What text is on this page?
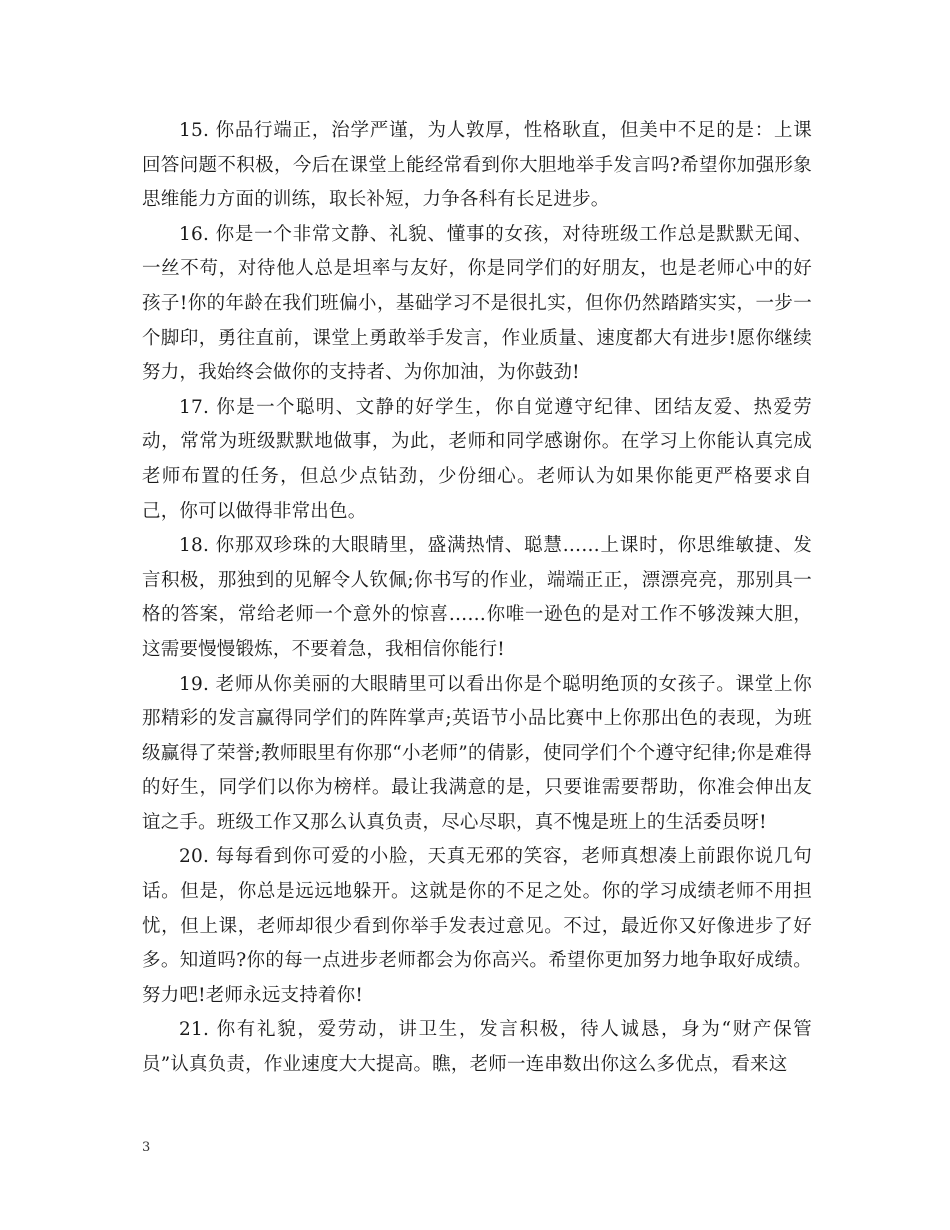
15. 你品行端正，治学严谨，为人敦厚，性格耿直，但美中不足的是：上课回答问题不积极，今后在课堂上能经常看到你大胆地举手发言吗?希望你加强形象思维能力方面的训练，取长补短，力争各科有长足进步。

16. 你是一个非常文静、礼貌、懂事的女孩，对待班级工作总是默默无闻、一丝不苟，对待他人总是坦率与友好，你是同学们的好朋友，也是老师心中的好孩子!你的年龄在我们班偏小，基础学习不是很扎实，但你仍然踏踏实实，一步一个脚印，勇往直前，课堂上勇敢举手发言，作业质量、速度都大有进步!愿你继续努力，我始终会做你的支持者、为你加油，为你鼓劲!

17. 你是一个聪明、文静的好学生，你自觉遵守纪律、团结友爱、热爱劳动，常常为班级默默地做事，为此，老师和同学感谢你。在学习上你能认真完成老师布置的任务，但总少点钻劲，少份细心。老师认为如果你能更严格要求自己，你可以做得非常出色。

18. 你那双珍珠的大眼睛里，盛满热情、聪慧……上课时，你思维敏捷、发言积极，那独到的见解令人钦佩;你书写的作业，端端正正，漂漂亮亮，那别具一格的答案，常给老师一个意外的惊喜……你唯一逊色的是对工作不够泼辣大胆，这需要慢慢锻炼，不要着急，我相信你能行!

19. 老师从你美丽的大眼睛里可以看出你是个聪明绝顶的女孩子。课堂上你那精彩的发言赢得同学们的阵阵掌声;英语节小品比赛中上你那出色的表现，为班级赢得了荣誉;教师眼里有你那“小老师”的倩影，使同学们个个遵守纪律;你是难得的好生，同学们以你为榜样。最让我满意的是，只要谁需要帮助，你准会伸出友谊之手。班级工作又那么认真负责，尽心尽职，真不愧是班上的生活委员呀!

20. 每每看到你可爱的小脸，天真无邪的笑容，老师真想凑上前跟你说几句话。但是，你总是远远地躲开。这就是你的不足之处。你的学习成绩老师不用担忧，但上课，老师却很少看到你举手发表过意见。不过，最近你又好像进步了好多。知道吗?你的每一点进步老师都会为你高兴。希望你更加努力地争取好成绩。努力吧!老师永远支持着你!

21. 你有礼貌，爱劳动，讲卫生，发言积极，待人诚恳，身为“财产保管员”认真负责，作业速度大大提高。瞧，老师一连串数出你这么多优点，看来这

3
